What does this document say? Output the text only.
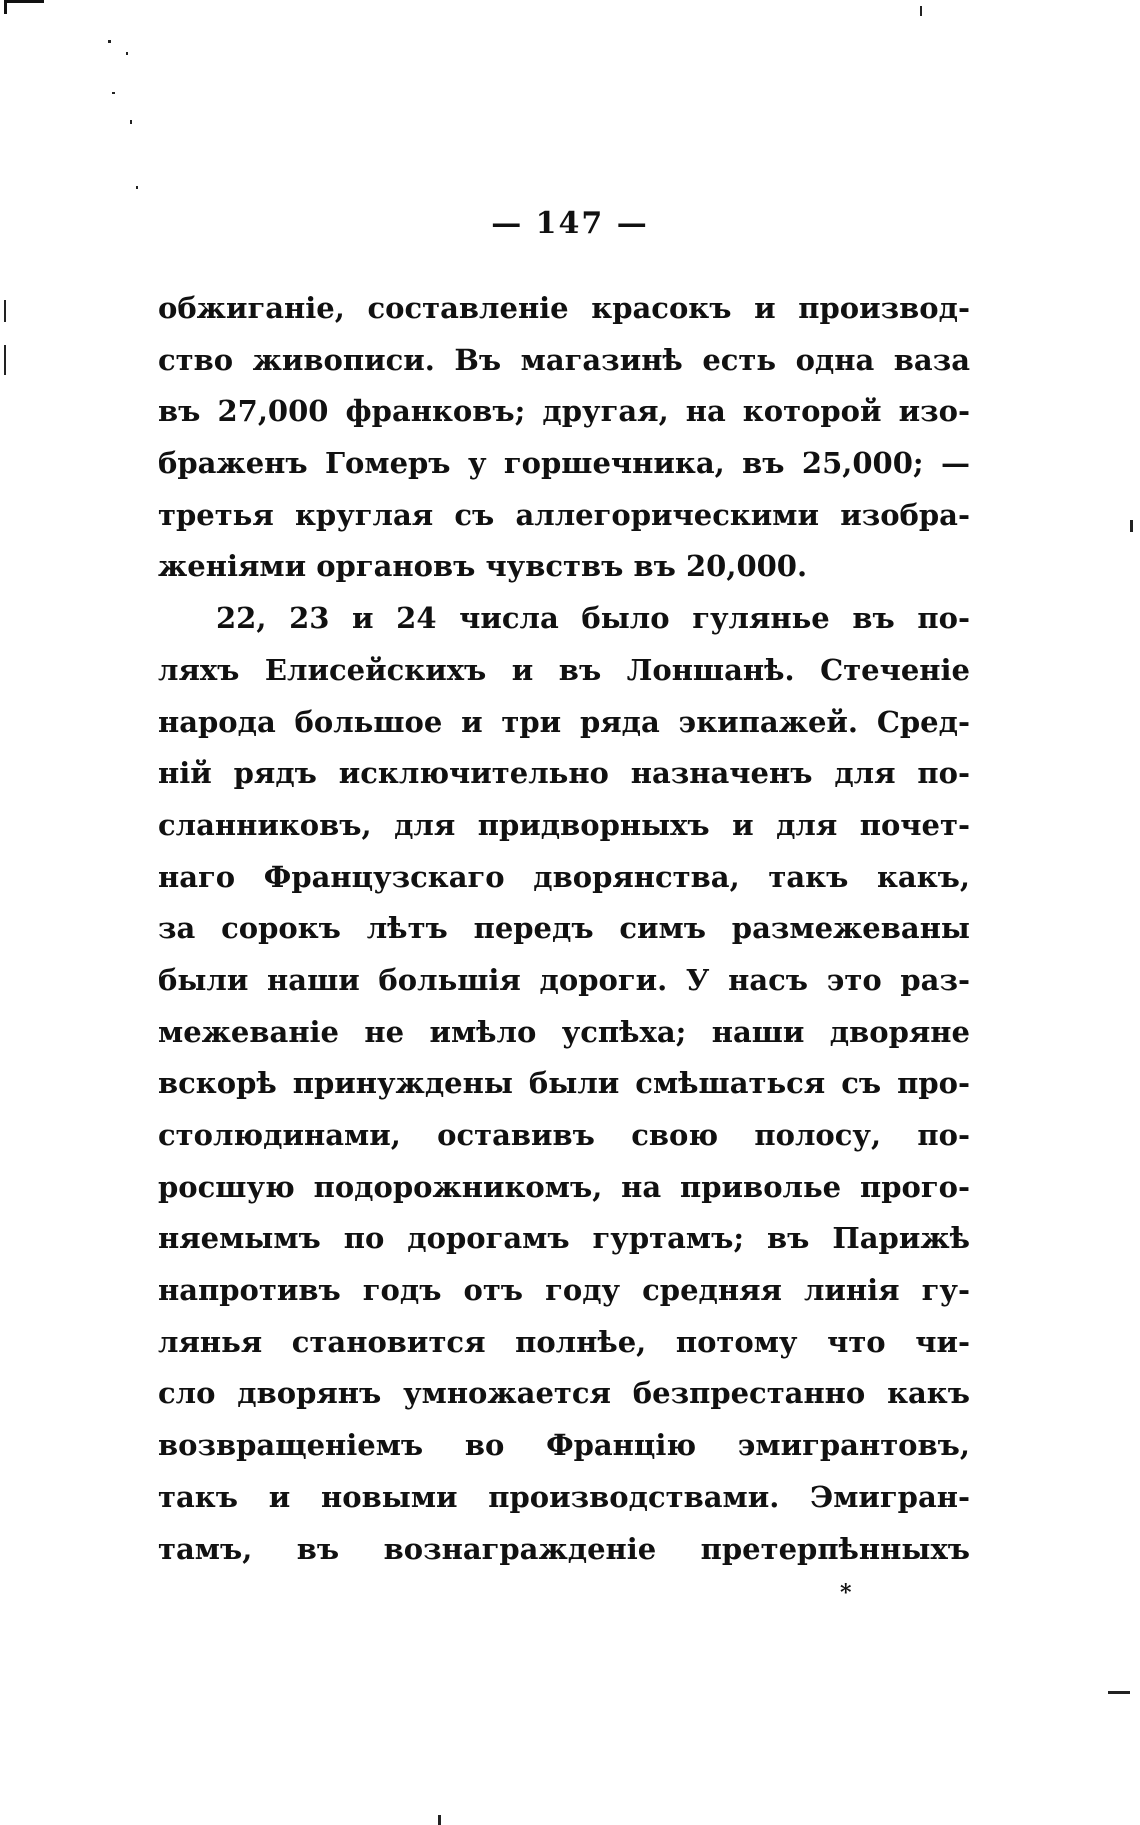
— 147 —
обжиганіе, составленіе красокъ и производ-
ство живописи. Въ магазинѣ есть одна ваза
въ 27,000 франковъ; другая, на которой изо-
браженъ Гомеръ у горшечника, въ 25,000; —
третья круглая съ аллегорическими изобра-
женіями органовъ чувствъ въ 20,000.
22, 23 и 24 числа было гулянье въ по-
ляхъ Елисейскихъ и въ Лоншанѣ. Стеченіе
народа большое и три ряда экипажей. Сред-
ній рядъ исключительно назначенъ для по-
сланниковъ, для придворныхъ и для почет-
наго Французскаго дворянства, такъ какъ,
за сорокъ лѣтъ передъ симъ размежеваны
были наши большія дороги. У насъ это раз-
межеваніе не имѣло успѣха; наши дворяне
вскорѣ принуждены были смѣшаться съ про-
столюдинами, оставивъ свою полосу, по-
росшую подорожникомъ, на приволье прого-
няемымъ по дорогамъ гуртамъ; въ Парижѣ
напротивъ годъ отъ году средняя линія гу-
лянья становится полнѣе, потому что чи-
сло дворянъ умножается безпрестанно какъ
возвращеніемъ во Францію эмигрантовъ,
такъ и новыми производствами. Эмигран-
тамъ, въ вознагражденіе претерпѣнныхъ
*
